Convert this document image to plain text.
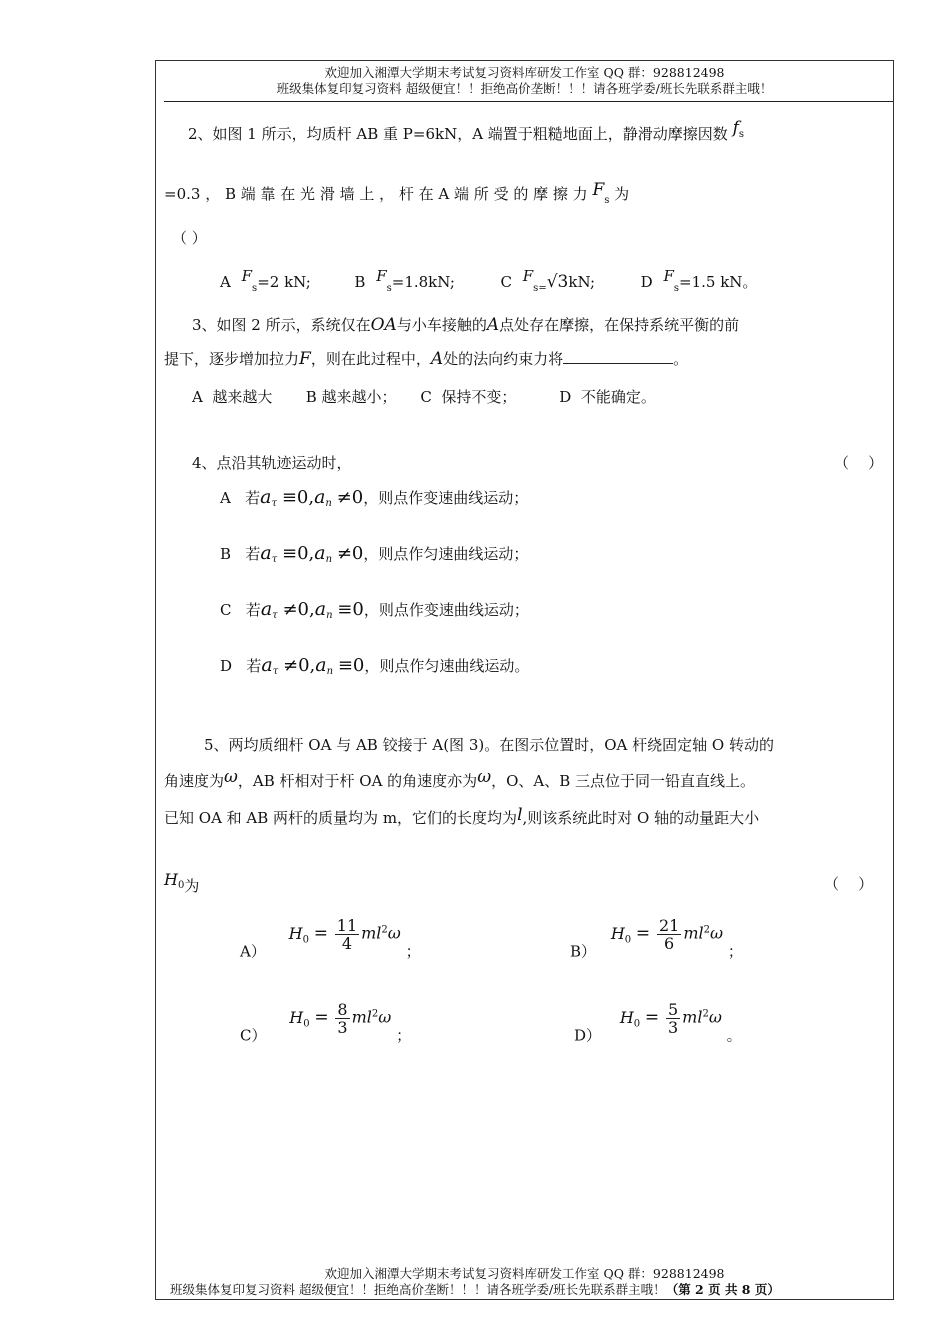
欢迎加入湘潭大学期末考试复习资料库研发工作室 QQ 群：928812498
班级集体复印复习资料 超级便宜！！拒绝高价垄断！！！请各班学委/班长先联系群主哦！
2、如图 1 所示，均质杆 AB 重 P=6kN，A 端置于粗糙地面上，静滑动摩擦因数 fs
=0.3 ， B 端 靠 在 光 滑 墙 上 ， 杆 在 A 端 所 受 的 摩 擦 力 $F_s$ 为
（ ）
A $F_s=2$ kN;	B $F_s=1.8kN$;	C $F_{s=}√3kN$;	D $F_s=1.5$ kN。
3、如图 2 所示，系统仅在OA与小车接触的A点处存在摩擦，在保持系统平衡的前
提下，逐步增加拉力F，则在此过程中，A处的法向约束力将	。
A  越来越大       B 越来越小；     C  保持不变；         D  不能确定。
4、点沿其轨迹运动时，	（    ）
A 若$a_\tau \equiv 0,a_n \ne 0$，则点作变速曲线运动；
B 若$a_\tau \equiv 0,a_n \ne 0$，则点作匀速曲线运动；
C 若$a_\tau \ne 0,a_n \equiv 0$，则点作变速曲线运动；
D 若$a_\tau \ne 0,a_n \equiv 0$，则点作匀速曲线运动。
5、两均质细杆 OA 与 AB 铰接于 A(图 3)。在图示位置时，OA 杆绕固定轴 O 转动的
角速度为ω，AB 杆相对于杆 OA 的角速度亦为ω，O、A、B 三点位于同一铅直直线上。
已知 OA 和 AB 两杆的质量均为 m，它们的长度均为l,则该系统此时对 O 轴的动量距大小
$H^0$为	（    ）
A） $H_0 = \frac{11}{4} ml^2\omega$ ；	B） $H_0 = \frac{21}{6} ml^2\omega$ ；
C） $H_0 = \frac{8}{3} ml^2\omega$ ；	D） $H_0 = \frac{5}{3} ml^2\omega$ 。
欢迎加入湘潭大学期末考试复习资料库研发工作室 QQ 群：928812498
班级集体复印复习资料 超级便宜！！拒绝高价垄断！！！请各班学委/班长先联系群主哦！（第 2 页 共 8 页）
